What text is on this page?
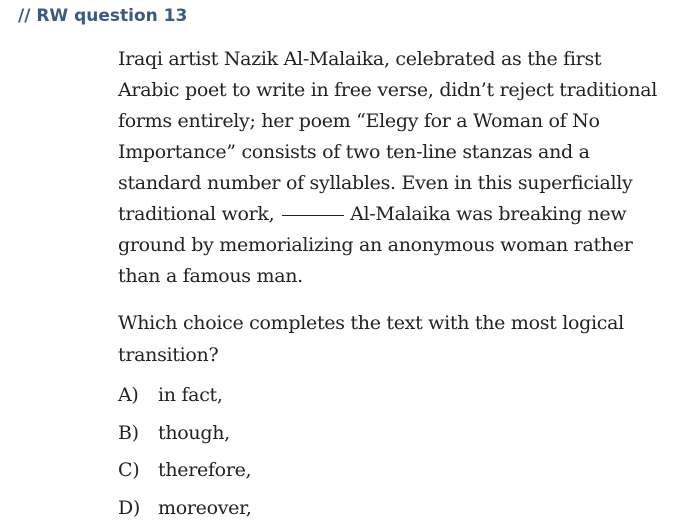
// RW question 13

Iraqi artist Nazik Al-Malaika, celebrated as the first
Arabic poet to write in free verse, didn’t reject traditional
forms entirely; her poem “Elegy for a Woman of No
Importance” consists of two ten-line stanzas and a
standard number of syllables. Even in this superficially
traditional work,	Al-Malaika was breaking new
ground by memorializing an anonymous woman rather
than a famous man.

Which choice completes the text with the most logical
transition?

A) in fact,
B) though,
C) therefore,
D) moreover,
